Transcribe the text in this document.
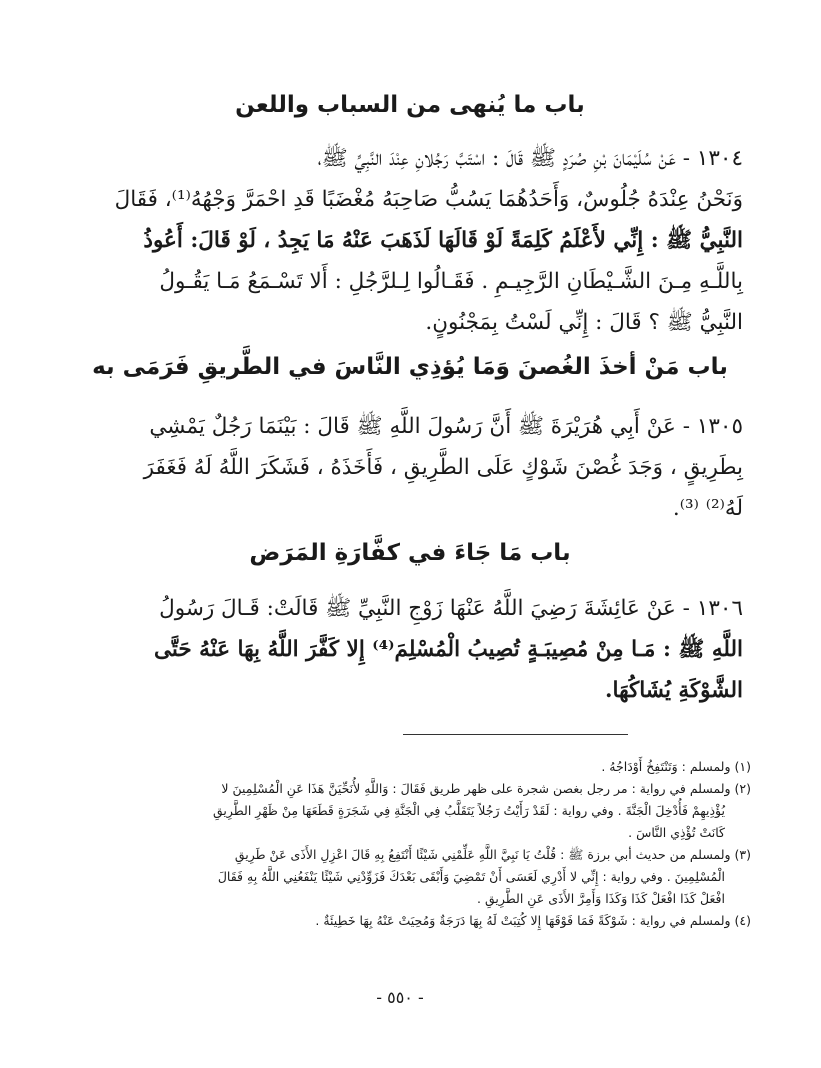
باب ما يُنهى من السباب واللعن
١٣٠٤ - عَنْ سُلَيْمَانَ بْنِ صُرَدٍ ﷺ قَالَ : اسْتَبَّ رَجُلانِ عِنْدَ النَّبِيِّ ﷺ،
وَنَحْنُ عِنْدَهُ جُلُوسٌ، وَأَحَدُهُمَا يَسُبُّ صَاحِبَهُ مُغْضَبًا قَدِ احْمَرَّ وَجْهُهُ⁽¹⁾، فَقَالَ
النَّبِيُّ ﷺ : إِنِّي لأَعْلَمُ كَلِمَةً لَوْ قَالَهَا لَذَهَبَ عَنْهُ مَا يَجِدُ ، لَوْ قَالَ: أَعُوذُ
بِاللَّـهِ مِـنَ الشَّـيْطَانِ الرَّجِيـمِ . فَقَـالُوا لِـلرَّجُلِ : أَلا تَسْـمَعُ مَـا يَقُـولُ
النَّبِيُّ ﷺ ؟ قَالَ : إِنِّي لَسْتُ بِمَجْنُونٍ.
باب مَنْ أخذَ الغُصنَ وَمَا يُؤذِي النَّاسَ في الطَّريقِ فَرَمَى به
١٣٠٥ - عَنْ أَبِي هُرَيْرَةَ ﷺ أَنَّ رَسُولَ اللَّهِ ﷺ قَالَ : بَيْنَمَا رَجُلٌ يَمْشِي
بِطَرِيقٍ ، وَجَدَ غُصْنَ شَوْكٍ عَلَى الطَّرِيقِ ، فَأَخَذَهُ ، فَشَكَرَ اللَّهُ لَهُ فَغَفَرَ
لَهُ⁽²⁾ ⁽³⁾.
باب مَا جَاءَ في كفَّارَةِ المَرَض
١٣٠٦ - عَنْ عَائِشَةَ رَضِيَ اللَّهُ عَنْهَا زَوْجِ النَّبِيِّ ﷺ قَالَتْ: قَـالَ رَسُولُ
اللَّهِ ﷺ : مَـا مِنْ مُصِيبَـةٍ تُصِيبُ الْمُسْلِمَ⁽⁴⁾ إِلا كَفَّرَ اللَّهُ بِهَا عَنْهُ حَتَّى
الشَّوْكَةِ يُشَاكُهَا.
(١) ولمسلم : وَتَنْتَفِخُ أَوْدَاجُهُ .
(٢) ولمسلم في رواية : مر رجل بغصن شجرة على ظهر طريق فَقَالَ : وَاللَّهِ لأُنَحِّيَنَّ هَذَا عَنِ الْمُسْلِمِينَ لا
يُؤْذِيهِمْ فَأُدْخِلَ الْجَنَّةَ . وفي رواية : لَقَدْ رَأَيْتُ رَجُلاً يَتَقَلَّبُ فِي الْجَنَّةِ فِي شَجَرَةٍ قَطَعَهَا مِنْ ظَهْرِ الطَّرِيقِ
كَانَتْ تُؤْذِي النَّاسَ .
(٣) ولمسلم من حديث أبي برزة ﷺ : قُلْتُ يَا نَبِيَّ اللَّهِ عَلِّمْنِي شَيْئًا أَنْتَفِعُ بِهِ قَالَ اعْزِلِ الأَذَى عَنْ طَرِيقِ
الْمُسْلِمِينَ . وفي رواية : إِنِّي لا أَدْرِي لَعَسَى أَنْ تَمْضِيَ وَأَبْقَى بَعْدَكَ فَزَوِّدْنِي شَيْئًا يَنْفَعُنِي اللَّهُ بِهِ فَقَالَ
افْعَلْ كَذَا افْعَلْ كَذَا وَكَذَا وَأَمِرَّ الأَذَى عَنِ الطَّرِيقِ .
(٤) ولمسلم في رواية : شَوْكَةً فَمَا فَوْقَهَا إِلا كُتِبَتْ لَهُ بِهَا دَرَجَةٌ وَمُحِيَتْ عَنْهُ بِهَا خَطِيئَةٌ .
- ٥٥٠ -
